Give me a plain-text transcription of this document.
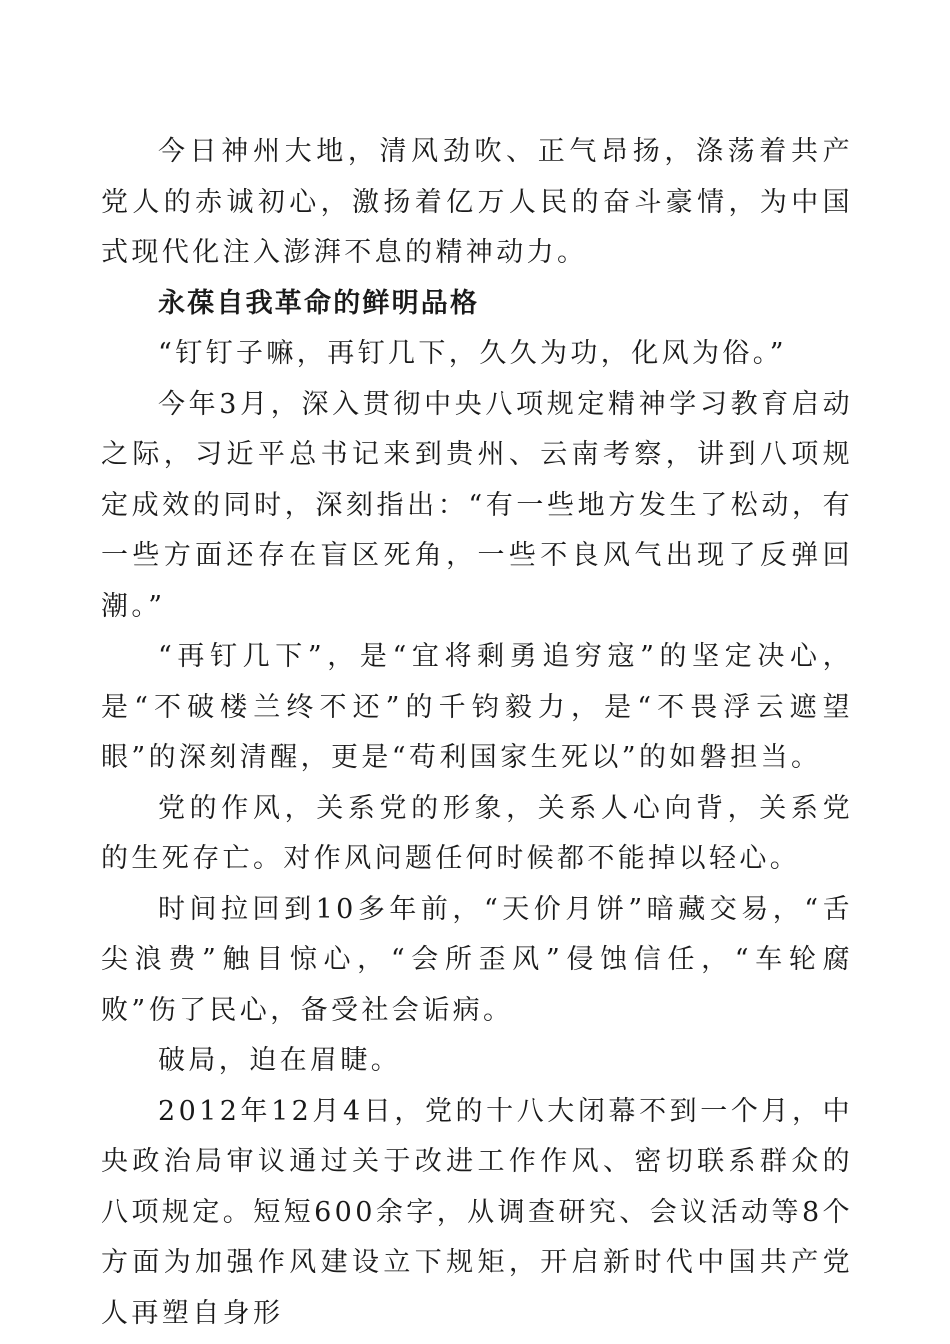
今日神州大地，清风劲吹、正气昂扬，涤荡着共产党人的赤诚初心，激扬着亿万人民的奋斗豪情，为中国式现代化注入澎湃不息的精神动力。

永葆自我革命的鲜明品格

“钉钉子嘛，再钉几下，久久为功，化风为俗。”

今年3月，深入贯彻中央八项规定精神学习教育启动之际，习近平总书记来到贵州、云南考察，讲到八项规定成效的同时，深刻指出：“有一些地方发生了松动，有一些方面还存在盲区死角，一些不良风气出现了反弹回潮。”

“再钉几下”，是“宜将剩勇追穷寇”的坚定决心，是“不破楼兰终不还”的千钧毅力，是“不畏浮云遮望眼”的深刻清醒，更是“苟利国家生死以”的如磐担当。

党的作风，关系党的形象，关系人心向背，关系党的生死存亡。对作风问题任何时候都不能掉以轻心。

时间拉回到10多年前，“天价月饼”暗藏交易，“舌尖浪费”触目惊心，“会所歪风”侵蚀信任，“车轮腐败”伤了民心，备受社会诟病。

破局，迫在眉睫。

2012年12月4日，党的十八大闭幕不到一个月，中央政治局审议通过关于改进工作作风、密切联系群众的八项规定。短短600余字，从调查研究、会议活动等8个方面为加强作风建设立下规矩，开启新时代中国共产党人再塑自身形
